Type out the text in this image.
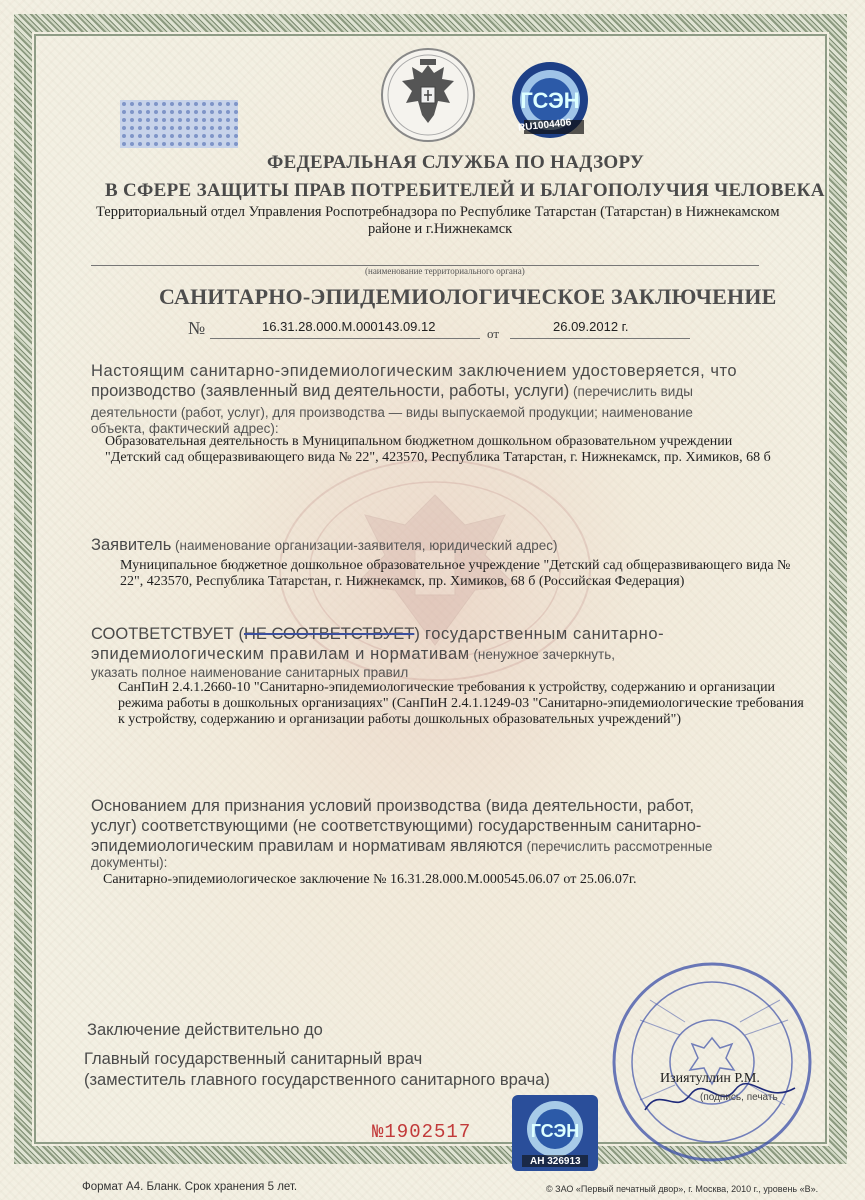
ГСЭН
RU1004406
ФЕДЕРАЛЬНАЯ СЛУЖБА ПО НАДЗОРУ
В СФЕРЕ ЗАЩИТЫ ПРАВ ПОТРЕБИТЕЛЕЙ И БЛАГОПОЛУЧИЯ ЧЕЛОВЕКА
Территориальный отдел Управления Роспотребнадзора по Республике Татарстан (Татарстан) в Нижнекамском
районе и г.Нижнекамск
(наименование территориального органа)
САНИТАРНО-ЭПИДЕМИОЛОГИЧЕСКОЕ ЗАКЛЮЧЕНИЕ
№	16.31.28.000.М.000143.09.12	от	26.09.2012 г.
Настоящим санитарно-эпидемиологическим заключением удостоверяется, что
производство (заявленный вид деятельности, работы, услуги) (перечислить виды
деятельности (работ, услуг), для производства — виды выпускаемой продукции; наименование
объекта, фактический адрес):
Образовательная деятельность в Муниципальном бюджетном дошкольном образовательном учреждении
"Детский сад общеразвивающего вида № 22", 423570, Республика Татарстан, г. Нижнекамск, пр. Химиков, 68 б
Заявитель (наименование организации-заявителя, юридический адрес)
Муниципальное бюджетное дошкольное образовательное учреждение "Детский сад общеразвивающего вида №
22", 423570, Республика Татарстан, г. Нижнекамск, пр. Химиков, 68 б (Российская Федерация)
СООТВЕТСТВУЕТ (НЕ СООТВЕТСТВУЕТ) государственным санитарно-
эпидемиологическим правилам и нормативам (ненужное зачеркнуть,
указать полное наименование санитарных правил
СанПиН 2.4.1.2660-10 "Санитарно-эпидемиологические требования к устройству, содержанию и организации
режима работы в дошкольных организациях" (СанПиН 2.4.1.1249-03 "Санитарно-эпидемиологические требования
к устройству, содержанию и организации работы дошкольных образовательных учреждений")
Основанием для признания условий производства (вида деятельности, работ,
услуг) соответствующими (не соответствующими) государственным санитарно-
эпидемиологическим правилам и нормативам являются (перечислить рассмотренные
документы):
Санитарно-эпидемиологическое заключение № 16.31.28.000.М.000545.06.07 от 25.06.07г.
Заключение действительно до
Главный государственный санитарный врач
(заместитель главного государственного санитарного врача)	Изиятуллин Р.М.
(подпись, печать
ГСЭН
АН 326913
№1902517
Формат А4. Бланк. Срок хранения 5 лет.	© ЗАО «Первый печатный двор», г. Москва, 2010 г., уровень «В».
